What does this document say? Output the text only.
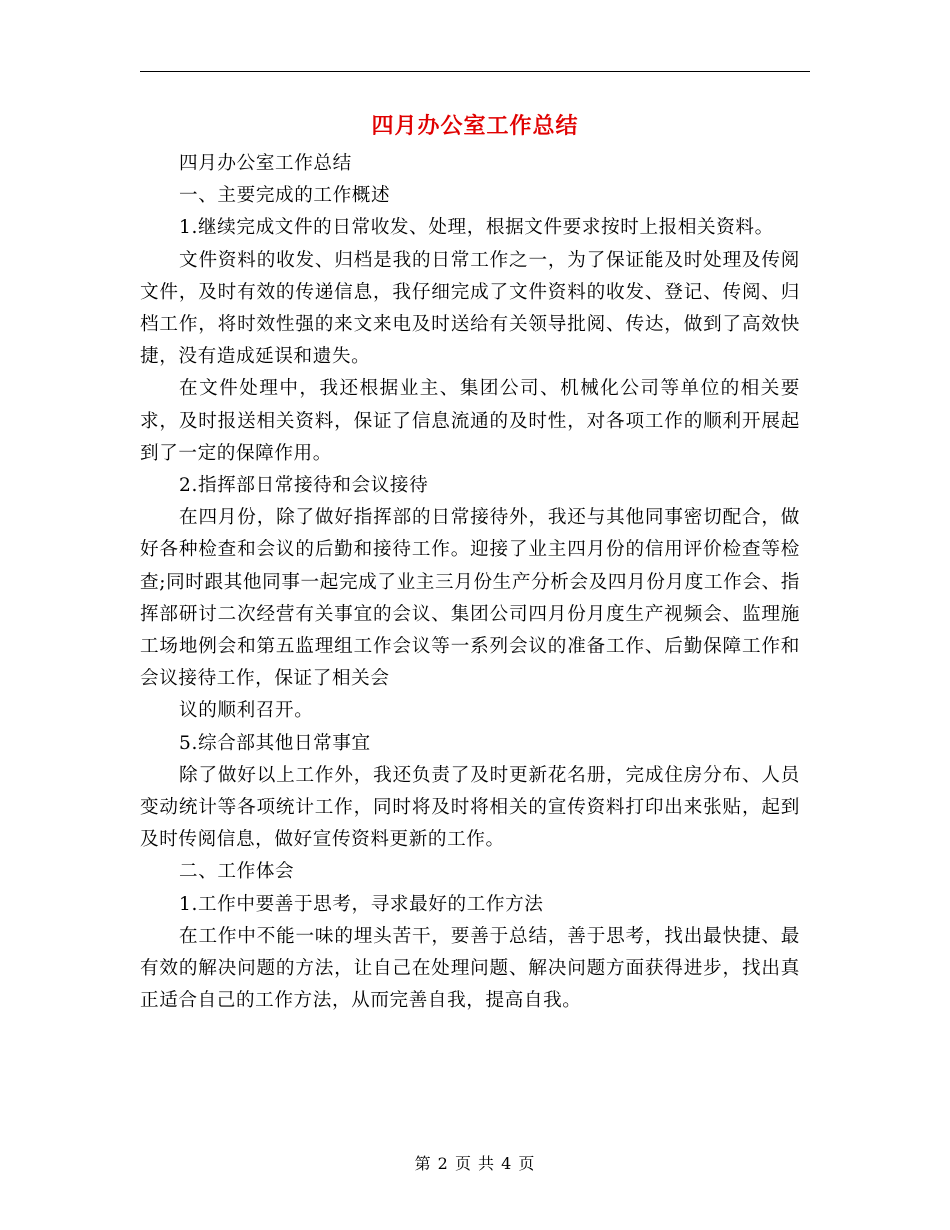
四月办公室工作总结

四月办公室工作总结

一、主要完成的工作概述

1.继续完成文件的日常收发、处理，根据文件要求按时上报相关资料。

文件资料的收发、归档是我的日常工作之一，为了保证能及时处理及传阅文件，及时有效的传递信息，我仔细完成了文件资料的收发、登记、传阅、归档工作，将时效性强的来文来电及时送给有关领导批阅、传达，做到了高效快捷，没有造成延误和遗失。

在文件处理中，我还根据业主、集团公司、机械化公司等单位的相关要求，及时报送相关资料，保证了信息流通的及时性，对各项工作的顺利开展起到了一定的保障作用。

2.指挥部日常接待和会议接待

在四月份，除了做好指挥部的日常接待外，我还与其他同事密切配合，做好各种检查和会议的后勤和接待工作。迎接了业主四月份的信用评价检查等检查;同时跟其他同事一起完成了业主三月份生产分析会及四月份月度工作会、指挥部研讨二次经营有关事宜的会议、集团公司四月份月度生产视频会、监理施工场地例会和第五监理组工作会议等一系列会议的准备工作、后勤保障工作和会议接待工作，保证了相关会

议的顺利召开。

5.综合部其他日常事宜

除了做好以上工作外，我还负责了及时更新花名册，完成住房分布、人员变动统计等各项统计工作，同时将及时将相关的宣传资料打印出来张贴，起到及时传阅信息，做好宣传资料更新的工作。

二、工作体会

1.工作中要善于思考，寻求最好的工作方法

在工作中不能一味的埋头苦干，要善于总结，善于思考，找出最快捷、最有效的解决问题的方法，让自己在处理问题、解决问题方面获得进步，找出真正适合自己的工作方法，从而完善自我，提高自我。

第 2 页 共 4 页
